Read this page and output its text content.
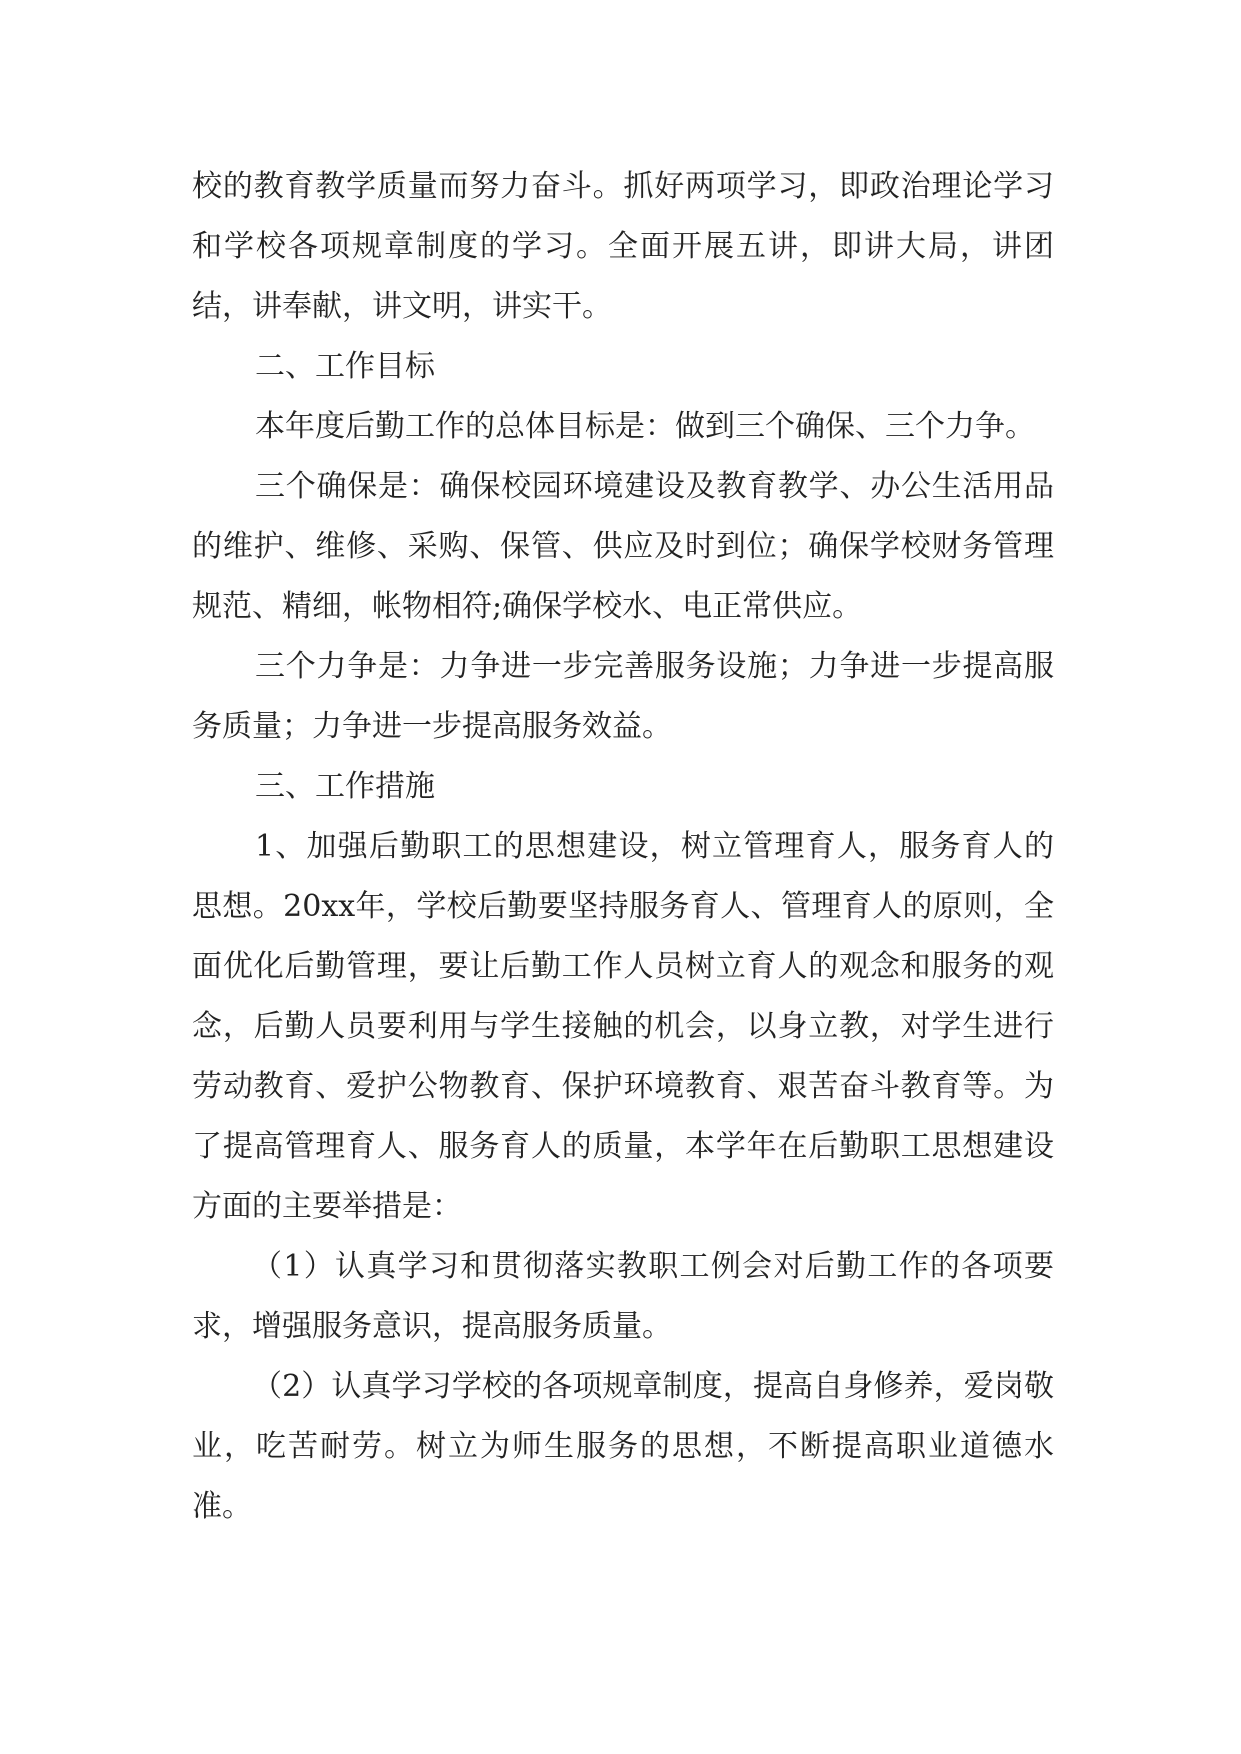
校的教育教学质量而努力奋斗。抓好两项学习，即政治理论学习和学校各项规章制度的学习。全面开展五讲，即讲大局，讲团结，讲奉献，讲文明，讲实干。

二、工作目标

本年度后勤工作的总体目标是：做到三个确保、三个力争。

三个确保是：确保校园环境建设及教育教学、办公生活用品的维护、维修、采购、保管、供应及时到位；确保学校财务管理规范、精细，帐物相符;确保学校水、电正常供应。

三个力争是：力争进一步完善服务设施；力争进一步提高服务质量；力争进一步提高服务效益。

三、工作措施

1、加强后勤职工的思想建设，树立管理育人，服务育人的思想。20xx年，学校后勤要坚持服务育人、管理育人的原则，全面优化后勤管理，要让后勤工作人员树立育人的观念和服务的观念，后勤人员要利用与学生接触的机会，以身立教，对学生进行劳动教育、爱护公物教育、保护环境教育、艰苦奋斗教育等。为了提高管理育人、服务育人的质量，本学年在后勤职工思想建设方面的主要举措是：

（1）认真学习和贯彻落实教职工例会对后勤工作的各项要求，增强服务意识，提高服务质量。

（2）认真学习学校的各项规章制度，提高自身修养，爱岗敬业，吃苦耐劳。树立为师生服务的思想，不断提高职业道德水准。
